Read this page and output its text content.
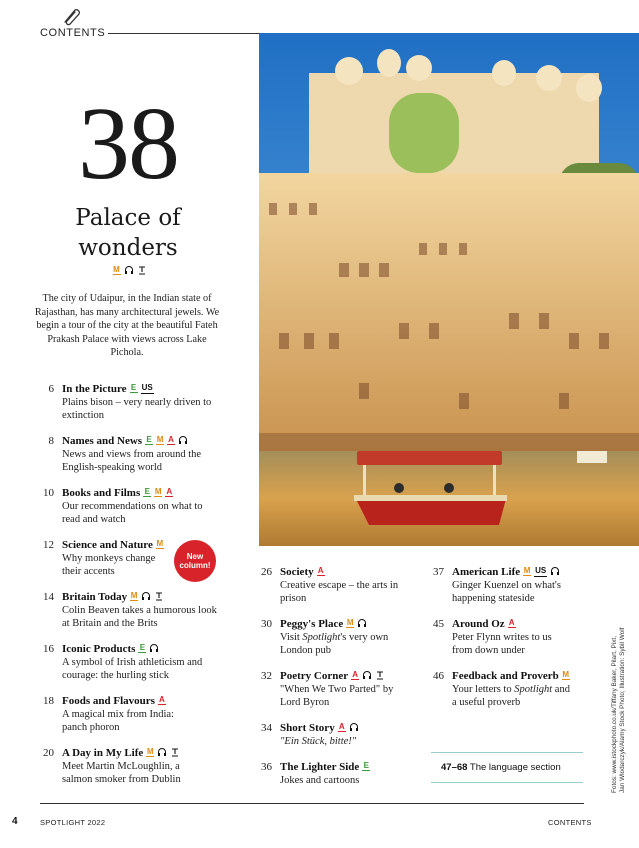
CONTENTS
38
Palace of
wonders
M
The city of Udaipur, in the Indian state of Rajasthan, has many architectural jewels. We begin a tour of the city at the beautiful Fateh Prakash Palace with views across Lake Pichola.
6 In the Picture E US
Plains bison – very nearly driven to extinction
8 Names and News E M A
News and views from around the English-speaking world
10 Books and Films E M A
Our recommendations on what to read and watch
12 Science and Nature M
Why monkeys change their accents
New
column!
14 Britain Today M
Colin Beaven takes a humorous look at Britain and the Brits
16 Iconic Products E
A symbol of Irish athleticism and courage: the hurling stick
18 Foods and Flavours A
A magical mix from India: panch phoron
20 A Day in My Life M
Meet Martin McLoughlin, a salmon smoker from Dublin
26 Society A
Creative escape – the arts in prison
30 Peggy's Place M
Visit Spotlight's very own London pub
32 Poetry Corner A
"When We Two Parted" by Lord Byron
34 Short Story A
"Ein Stück, bitte!"
36 The Lighter Side E
Jokes and cartoons
37 American Life M US
Ginger Kuenzel on what's happening stateside
45 Around Oz A
Peter Flynn writes to us from down under
46 Feedback and Proverb M
Your letters to Spotlight and a useful proverb
47–68 The language section	Fotos: www.istockphoto.co.uk/Tiffany Baker, Pilart, Pixt, Jan Wlodarczyk/Alamy Stock Photo; Illustration: Sybil Wolf
4	SPOTLIGHT 2022	CONTENTS
